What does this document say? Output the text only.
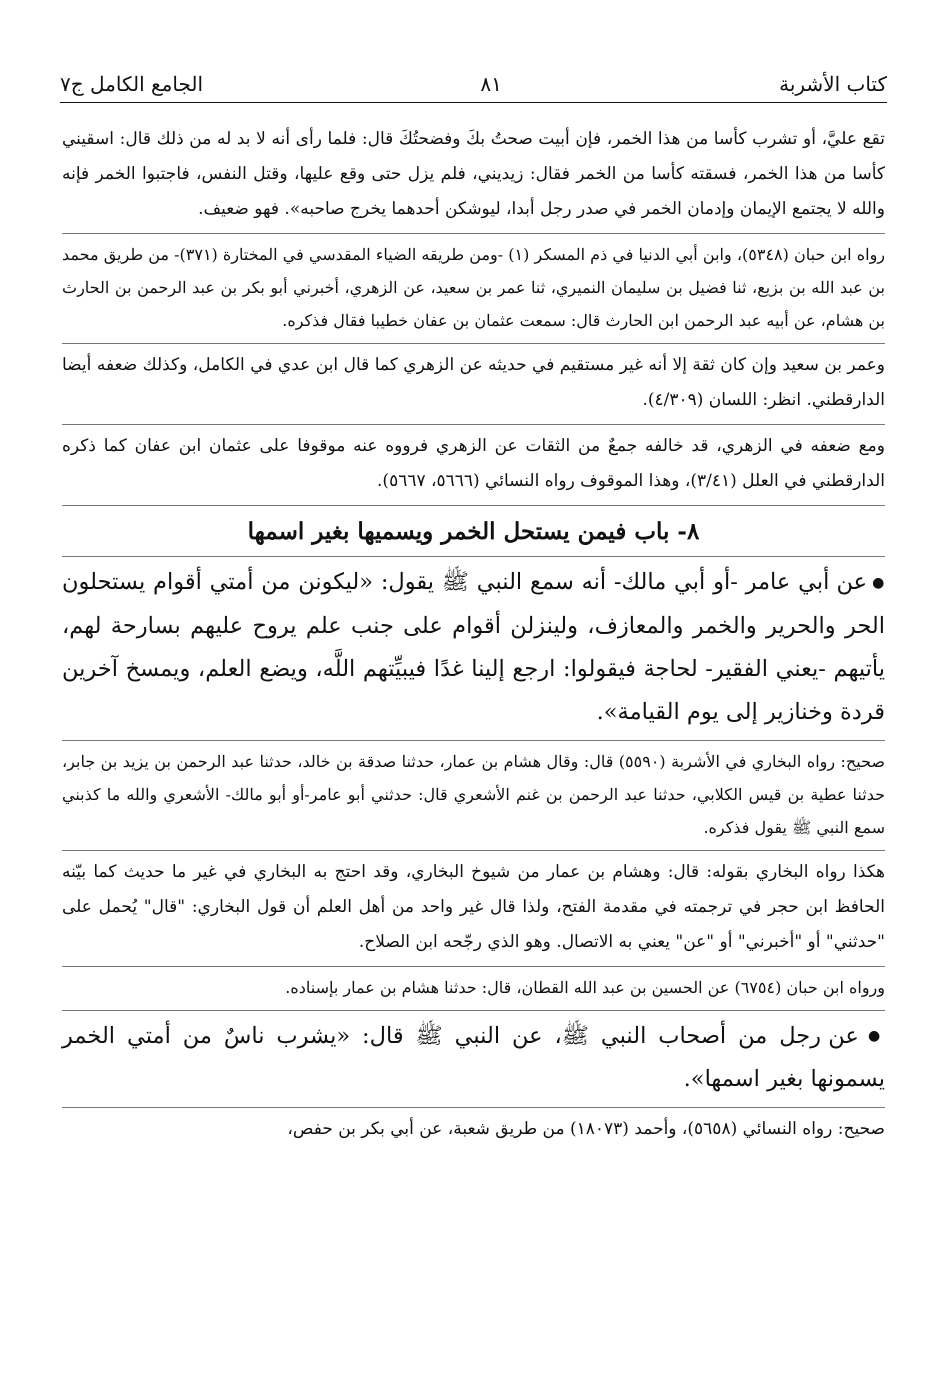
كتاب الأشربة
٨١
الجامع الكامل ج٧

تقع عليَّ، أو تشرب كأسا من هذا الخمر، فإن أبيت صحتُ بكَ وفضحتُكَ قال: فلما رأى أنه لا بد له من ذلك قال: اسقيني كأسا من هذا الخمر، فسقته كأسا من الخمر فقال: زيديني، فلم يزل حتى وقع عليها، وقتل النفس، فاجتبوا الخمر فإنه والله لا يجتمع الإيمان وإدمان الخمر في صدر رجل أبدا، ليوشكن أحدهما يخرج صاحبه». فهو ضعيف.

رواه ابن حبان (٥٣٤٨)، وابن أبي الدنيا في ذم المسكر (١) -ومن طريقه الضياء المقدسي في المختارة (٣٧١)- من طريق محمد بن عبد الله بن بزيع، ثنا فضيل بن سليمان النميري، ثنا عمر بن سعيد، عن الزهري، أخبرني أبو بكر بن عبد الرحمن بن الحارث بن هشام، عن أبيه عبد الرحمن ابن الحارث قال: سمعت عثمان بن عفان خطيبا فقال فذكره.

وعمر بن سعيد وإن كان ثقة إلا أنه غير مستقيم في حديثه عن الزهري كما قال ابن عدي في الكامل، وكذلك ضعفه أيضا الدارقطني. انظر: اللسان (٤/٣٠٩).

ومع ضعفه في الزهري، قد خالفه جمعٌ من الثقات عن الزهري فرووه عنه موقوفا على عثمان ابن عفان كما ذكره الدارقطني في العلل (٣/٤١)، وهذا الموقوف رواه النسائي (٥٦٦٦، ٥٦٦٧).

٨- باب فيمن يستحل الخمر ويسميها بغير اسمها

● عن أبي عامر -أو أبي مالك- أنه سمع النبي ﷺ يقول: «ليكونن من أمتي أقوام يستحلون الحر والحرير والخمر والمعازف، ولينزلن أقوام على جنب علم يروح عليهم بسارحة لهم، يأتيهم -يعني الفقير- لحاجة فيقولوا: ارجع إلينا غدًا فيبيِّتهم اللَّه، ويضع العلم، ويمسخ آخرين قردة وخنازير إلى يوم القيامة».

صحيح: رواه البخاري في الأشربة (٥٥٩٠) قال: وقال هشام بن عمار، حدثنا صدقة بن خالد، حدثنا عبد الرحمن بن يزيد بن جابر، حدثنا عطية بن قيس الكلابي، حدثنا عبد الرحمن بن غنم الأشعري قال: حدثني أبو عامر-أو أبو مالك- الأشعري والله ما كذبني سمع النبي ﷺ يقول فذكره.

هكذا رواه البخاري بقوله: قال: وهشام بن عمار من شيوخ البخاري، وقد احتج به البخاري في غير ما حديث كما بيّنه الحافظ ابن حجر في ترجمته في مقدمة الفتح، ولذا قال غير واحد من أهل العلم أن قول البخاري: "قال" يُحمل على "حدثني" أو "أخبرني" أو "عن" يعني به الاتصال. وهو الذي رجّحه ابن الصلاح.

ورواه ابن حبان (٦٧٥٤) عن الحسين بن عبد الله القطان، قال: حدثنا هشام بن عمار بإسناده.

● عن رجل من أصحاب النبي ﷺ، عن النبي ﷺ قال: «يشرب ناسٌ من أمتي الخمر يسمونها بغير اسمها».

صحيح: رواه النسائي (٥٦٥٨)، وأحمد (١٨٠٧٣) من طريق شعبة، عن أبي بكر بن حفص،
